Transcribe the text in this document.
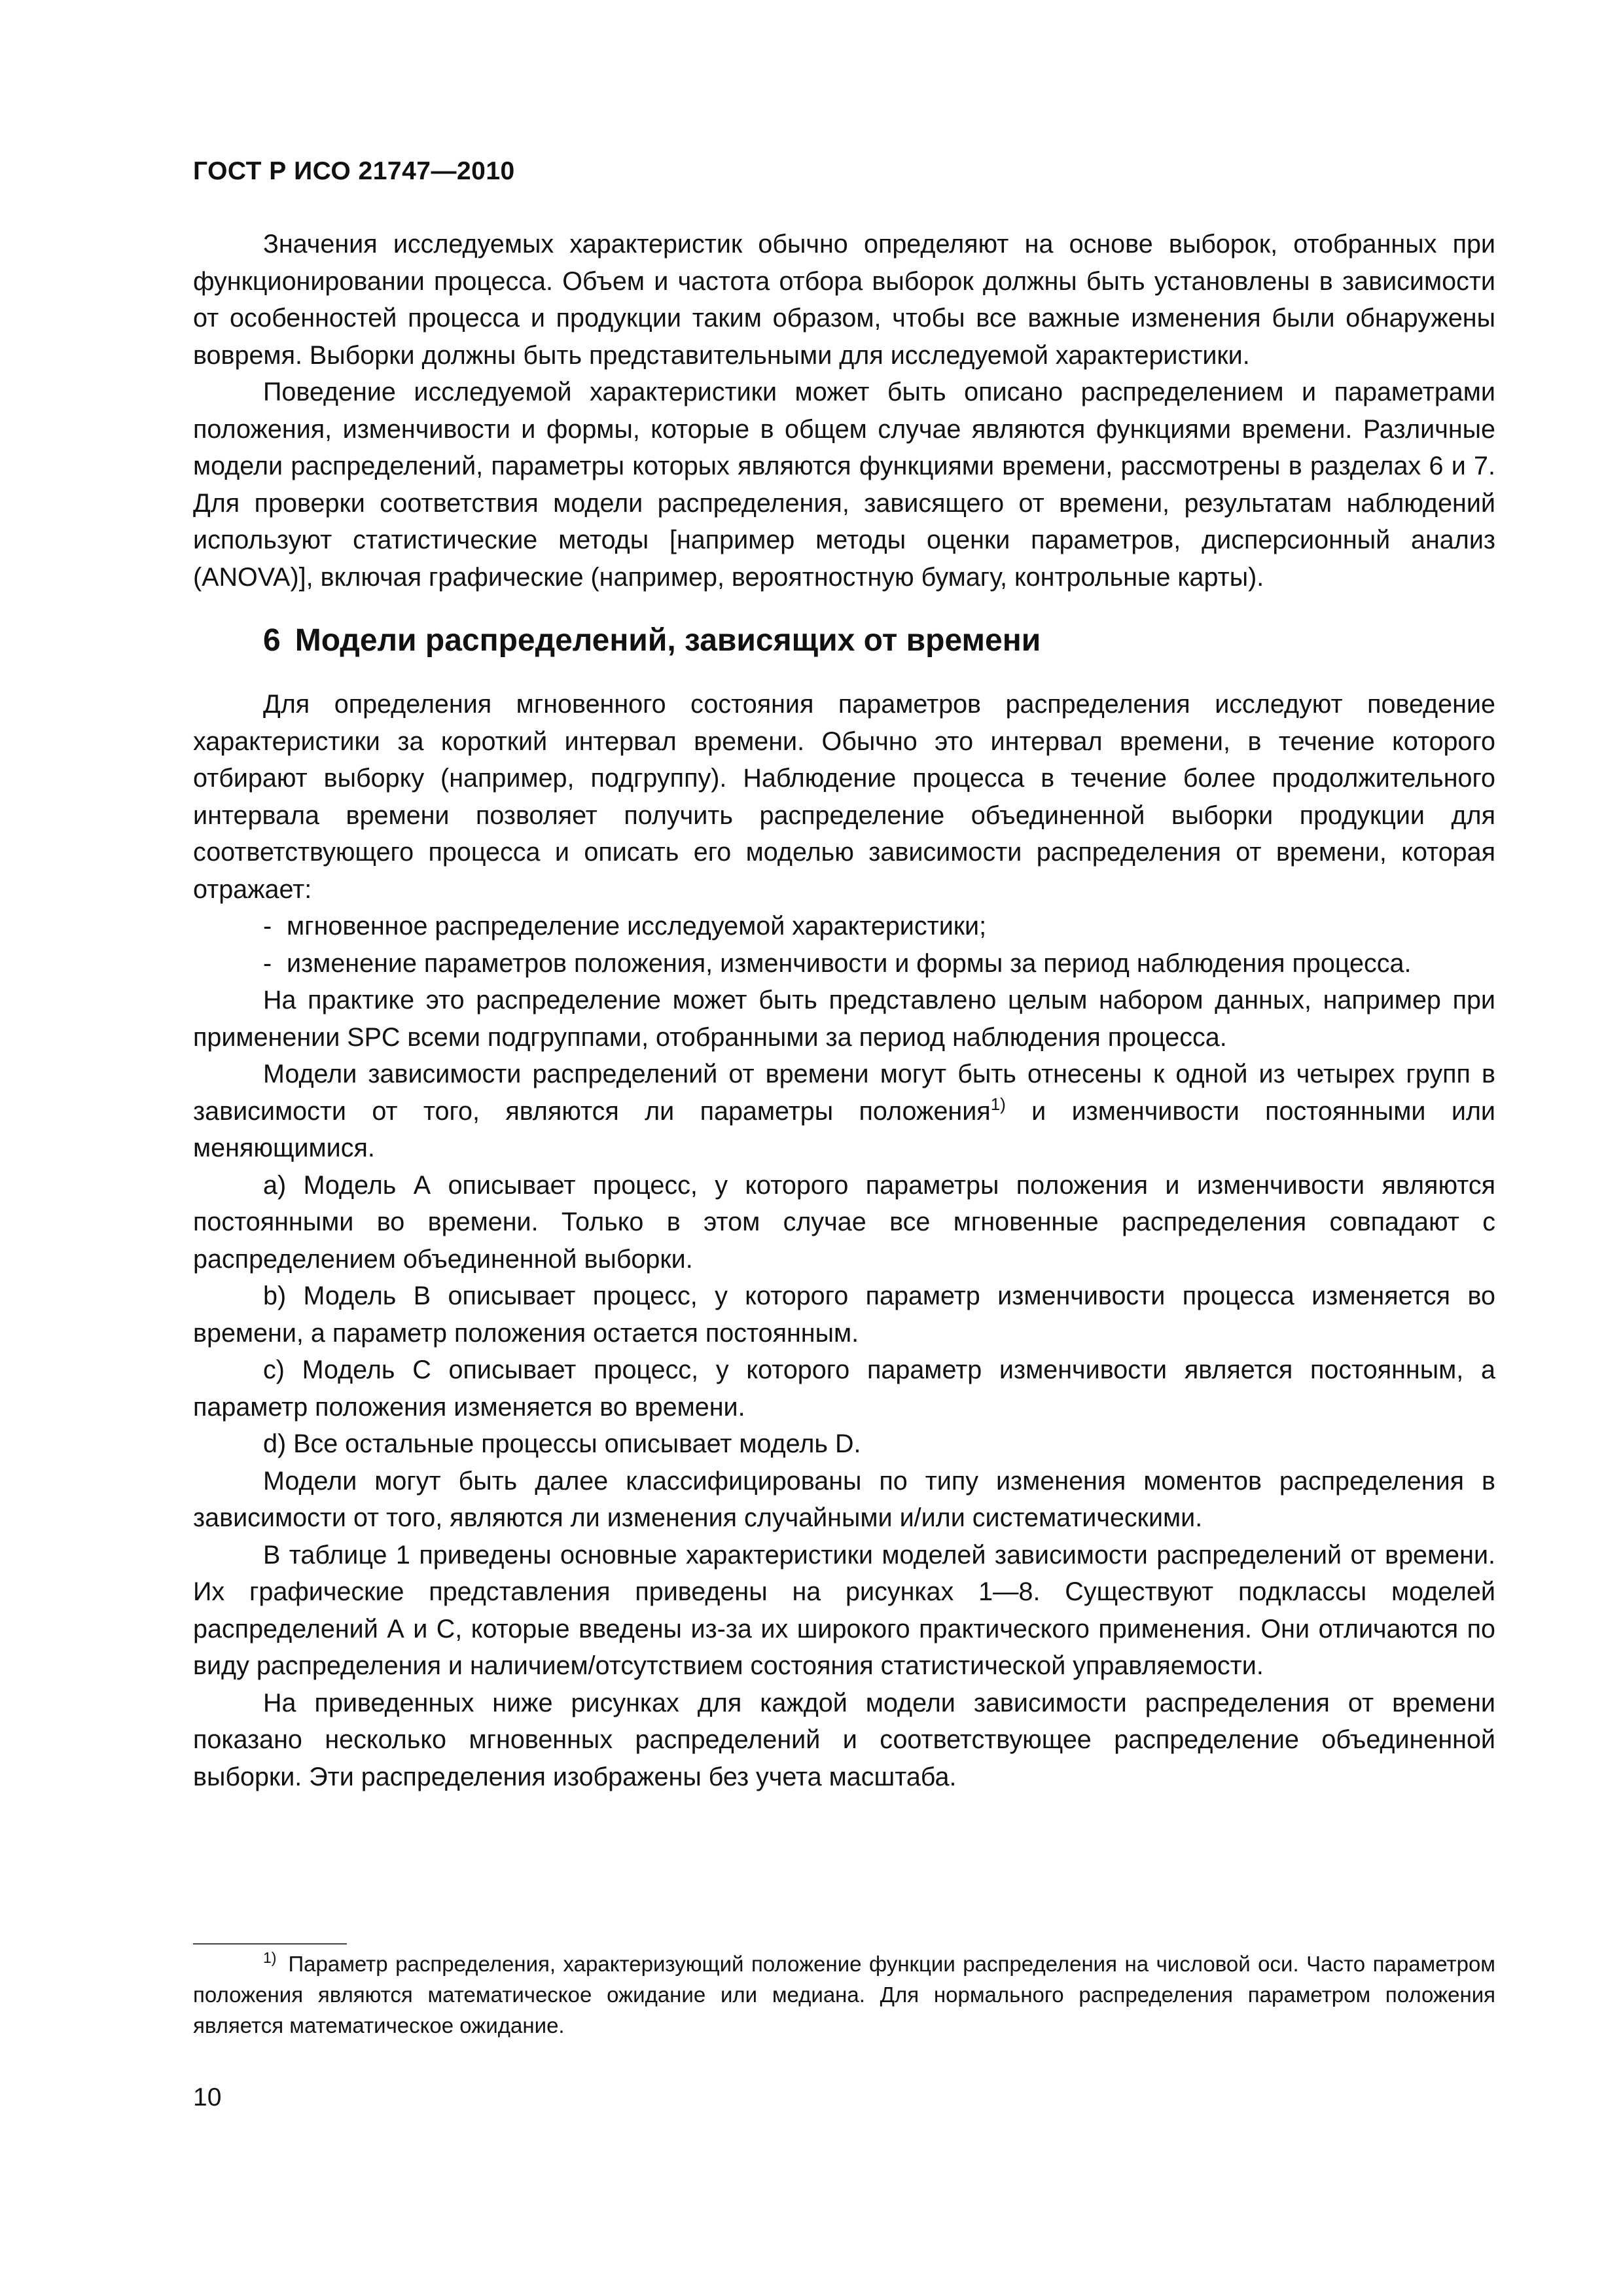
ГОСТ Р ИСО 21747—2010

Значения исследуемых характеристик обычно определяют на основе выборок, отобранных при функционировании процесса. Объем и частота отбора выборок должны быть установлены в зависимости от особенностей процесса и продукции таким образом, чтобы все важные изменения были обнаружены вовремя. Выборки должны быть представительными для исследуемой характеристики.

Поведение исследуемой характеристики может быть описано распределением и параметрами положения, изменчивости и формы, которые в общем случае являются функциями времени. Различные модели распределений, параметры которых являются функциями времени, рассмотрены в разделах 6 и 7. Для проверки соответствия модели распределения, зависящего от времени, результатам наблюдений используют статистические методы [например методы оценки параметров, дисперсионный анализ (ANOVA)], включая графические (например, вероятностную бумагу, контрольные карты).

6 Модели распределений, зависящих от времени

Для определения мгновенного состояния параметров распределения исследуют поведение характеристики за короткий интервал времени. Обычно это интервал времени, в течение которого отбирают выборку (например, подгруппу). Наблюдение процесса в течение более продолжительного интервала времени позволяет получить распределение объединенной выборки продукции для соответствующего процесса и описать его моделью зависимости распределения от времени, которая отражает:

- мгновенное распределение исследуемой характеристики;
- изменение параметров положения, изменчивости и формы за период наблюдения процесса.

На практике это распределение может быть представлено целым набором данных, например при применении SPC всеми подгруппами, отобранными за период наблюдения процесса.

Модели зависимости распределений от времени могут быть отнесены к одной из четырех групп в зависимости от того, являются ли параметры положения$^{1)}$ и изменчивости постоянными или меняющимися.

а) Модель А описывает процесс, у которого параметры положения и изменчивости являются постоянными во времени. Только в этом случае все мгновенные распределения совпадают с распределением объединенной выборки.

b) Модель В описывает процесс, у которого параметр изменчивости процесса изменяется во времени, а параметр положения остается постоянным.

c) Модель С описывает процесс, у которого параметр изменчивости является постоянным, а параметр положения изменяется во времени.

d) Все остальные процессы описывает модель D.

Модели могут быть далее классифицированы по типу изменения моментов распределения в зависимости от того, являются ли изменения случайными и/или систематическими.

В таблице 1 приведены основные характеристики моделей зависимости распределений от времени. Их графические представления приведены на рисунках 1—8. Существуют подклассы моделей распределений А и С, которые введены из-за их широкого практического применения. Они отличаются по виду распределения и наличием/отсутствием состояния статистической управляемости.

На приведенных ниже рисунках для каждой модели зависимости распределения от времени показано несколько мгновенных распределений и соответствующее распределение объединенной выборки. Эти распределения изображены без учета масштаба.

$^{1)}$ Параметр распределения, характеризующий положение функции распределения на числовой оси. Часто параметром положения являются математическое ожидание или медиана. Для нормального распределения параметром положения является математическое ожидание.

10
